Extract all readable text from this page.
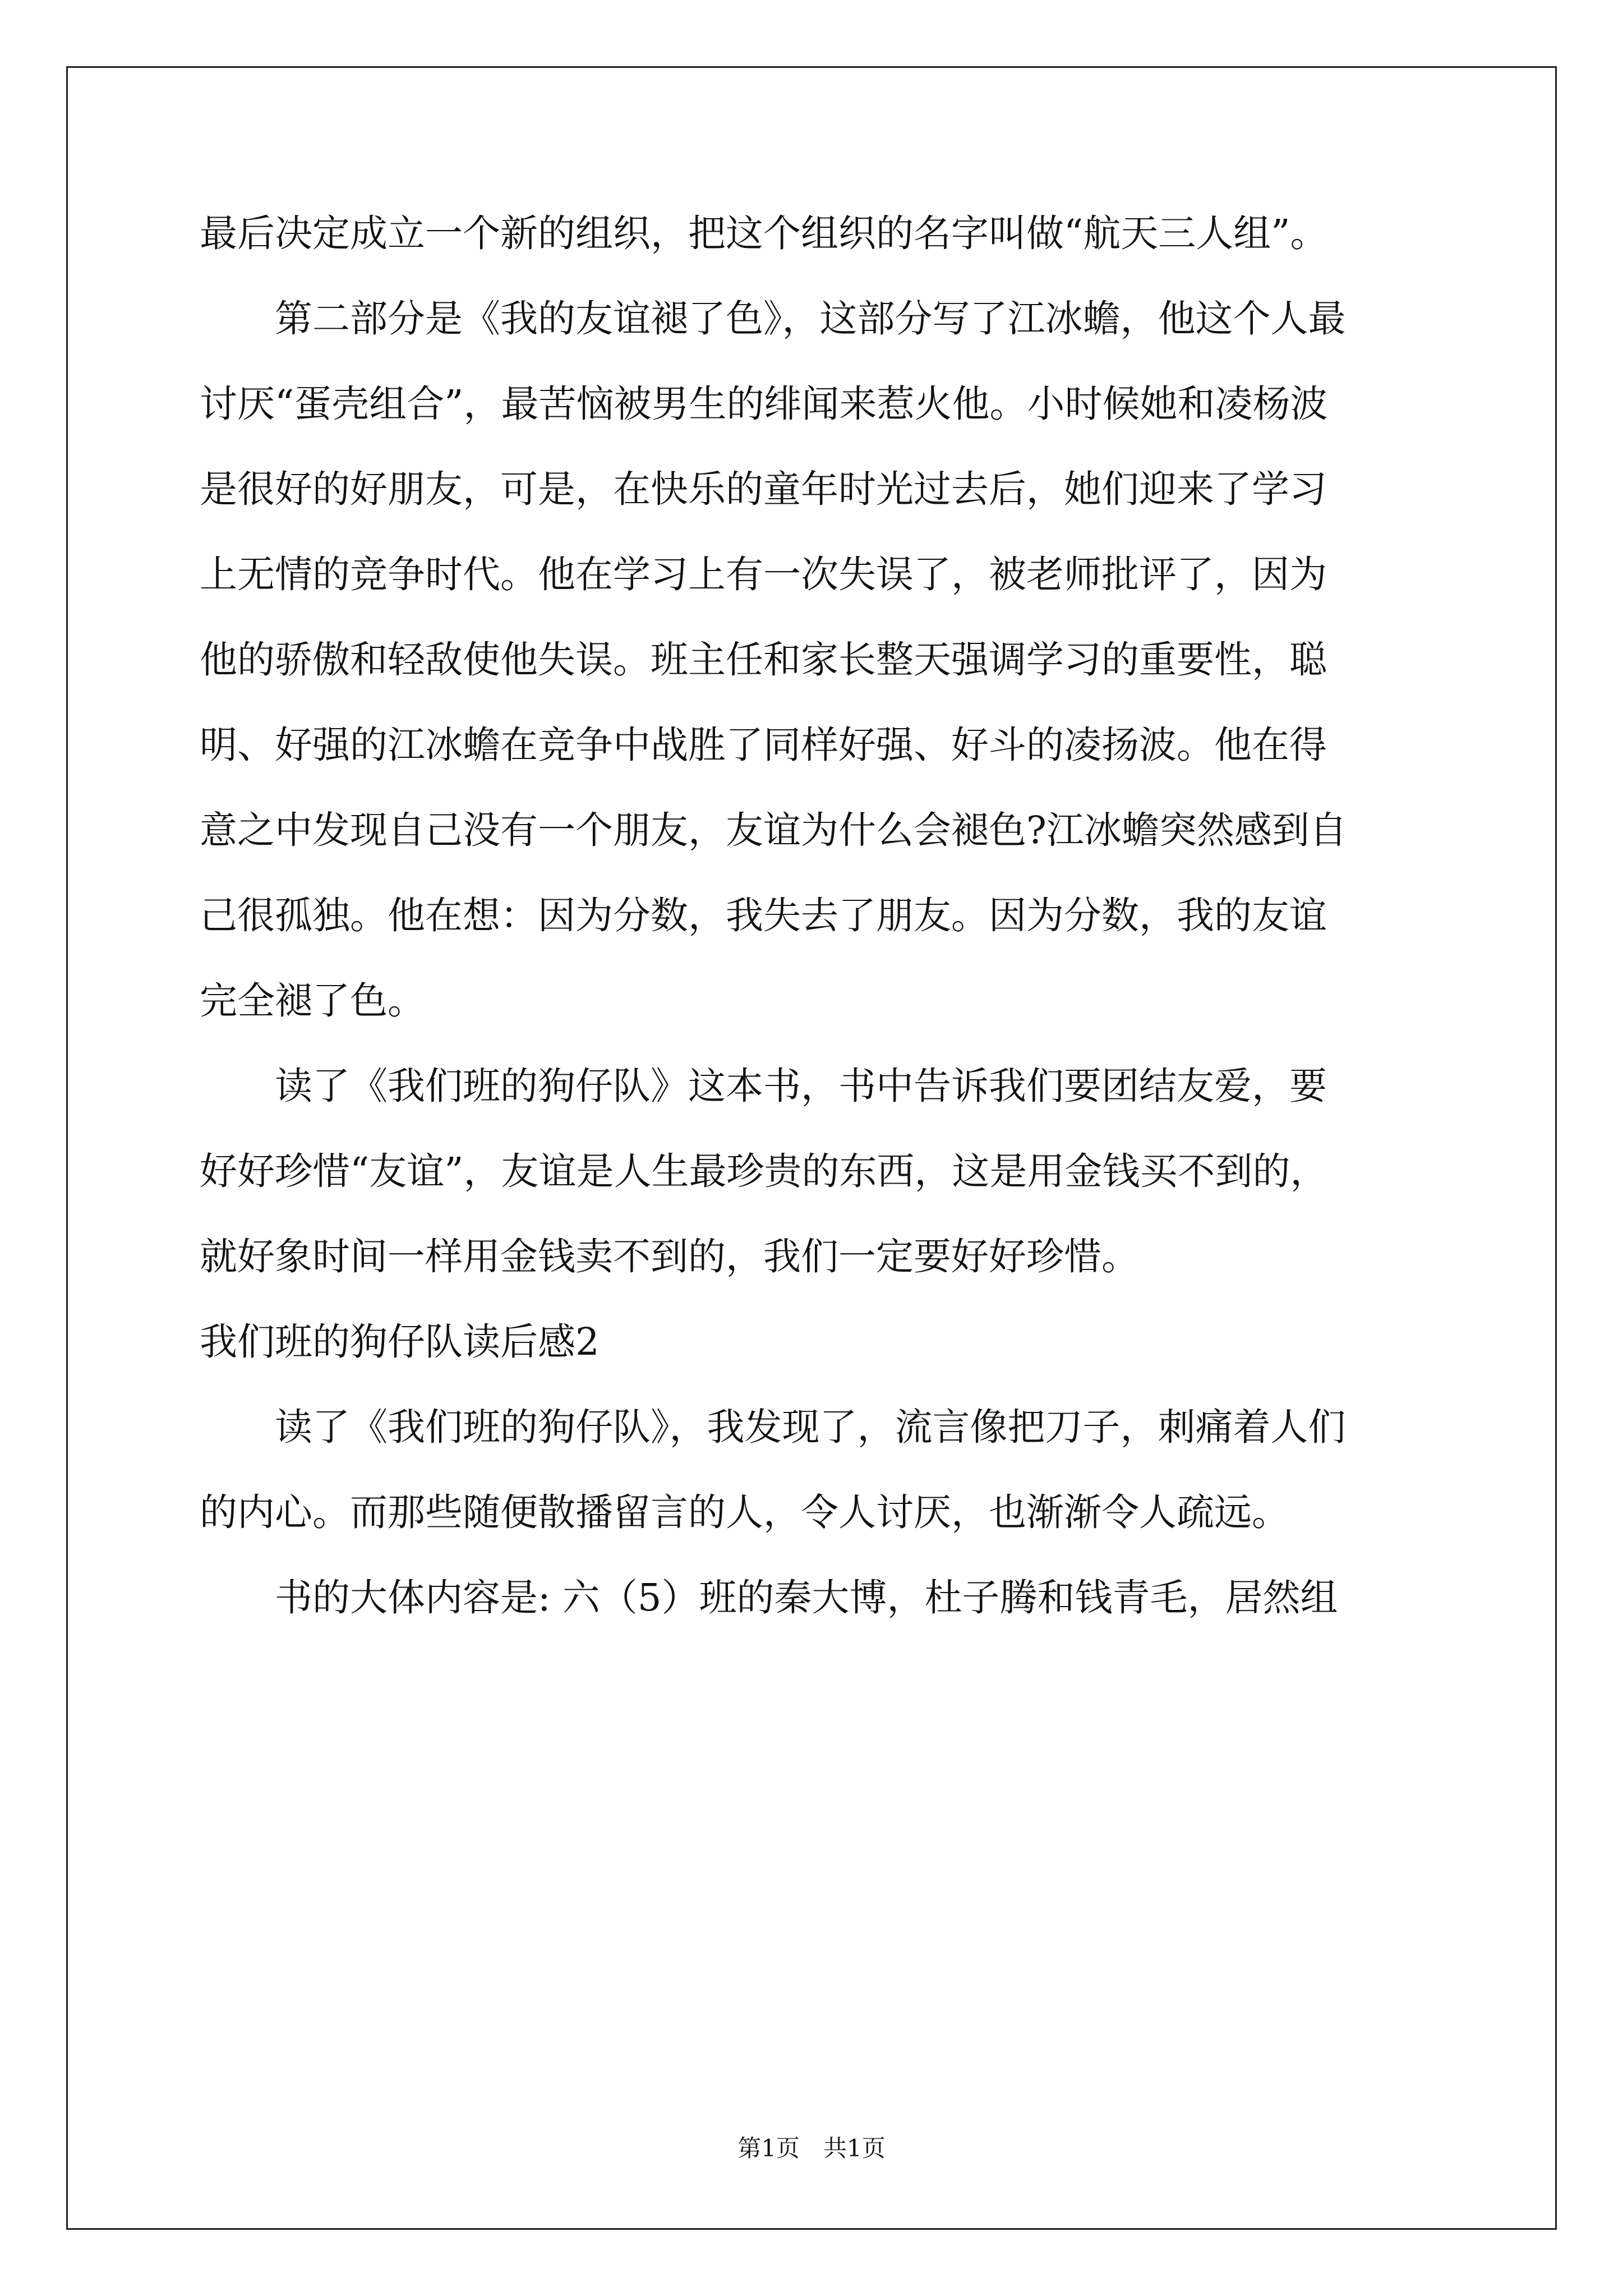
最后决定成立一个新的组织，把这个组织的名字叫做“航天三人组”。
　　第二部分是《我的友谊褪了色》，这部分写了江冰蟾，他这个人最
讨厌“蛋壳组合”，最苦恼被男生的绯闻来惹火他。小时候她和凌杨波
是很好的好朋友，可是，在快乐的童年时光过去后，她们迎来了学习
上无情的竞争时代。他在学习上有一次失误了，被老师批评了，因为
他的骄傲和轻敌使他失误。班主任和家长整天强调学习的重要性，聪
明、好强的江冰蟾在竞争中战胜了同样好强、好斗的凌扬波。他在得
意之中发现自己没有一个朋友，友谊为什么会褪色?江冰蟾突然感到自
己很孤独。他在想：因为分数，我失去了朋友。因为分数，我的友谊
完全褪了色。
　　读了《我们班的狗仔队》这本书，书中告诉我们要团结友爱，要
好好珍惜“友谊”，友谊是人生最珍贵的东西，这是用金钱买不到的，
就好象时间一样用金钱卖不到的，我们一定要好好珍惜。
我们班的狗仔队读后感2
　　读了《我们班的狗仔队》，我发现了，流言像把刀子，刺痛着人们
的内心。而那些随便散播留言的人，令人讨厌，也渐渐令人疏远。
　　书的大体内容是: 六（5）班的秦大博，杜子腾和钱青毛，居然组
第1页　共1页
